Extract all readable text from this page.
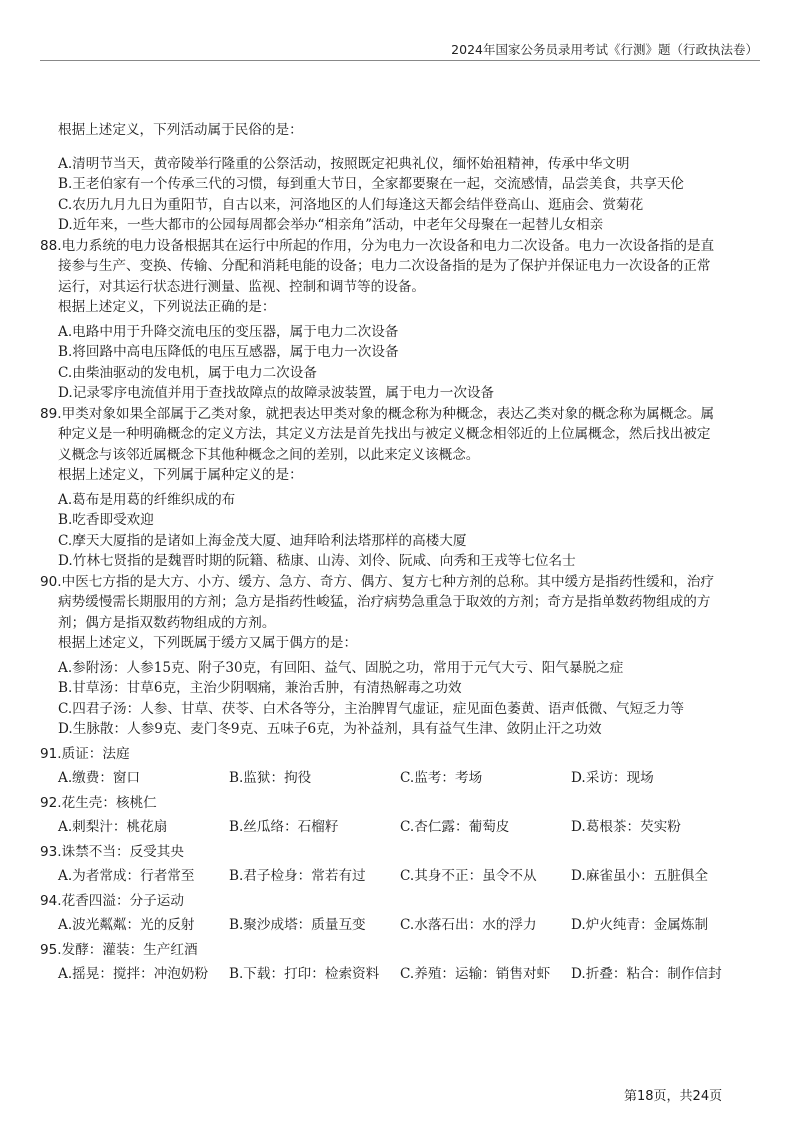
2024年国家公务员录用考试《行测》题（行政执法卷）
根据上述定义，下列活动属于民俗的是：
A.清明节当天，黄帝陵举行隆重的公祭活动，按照既定祀典礼仪，缅怀始祖精神，传承中华文明
B.王老伯家有一个传承三代的习惯，每到重大节日，全家都要聚在一起，交流感情，品尝美食，共享天伦
C.农历九月九日为重阳节，自古以来，河洛地区的人们每逢这天都会结伴登高山、逛庙会、赏菊花
D.近年来，一些大都市的公园每周都会举办“相亲角”活动，中老年父母聚在一起替儿女相亲
88.电力系统的电力设备根据其在运行中所起的作用，分为电力一次设备和电力二次设备。电力一次设备指的是直
接参与生产、变换、传输、分配和消耗电能的设备；电力二次设备指的是为了保护并保证电力一次设备的正常
运行，对其运行状态进行测量、监视、控制和调节等的设备。
根据上述定义，下列说法正确的是：
A.电路中用于升降交流电压的变压器，属于电力二次设备
B.将回路中高电压降低的电压互感器，属于电力一次设备
C.由柴油驱动的发电机，属于电力二次设备
D.记录零序电流值并用于查找故障点的故障录波装置，属于电力一次设备
89.甲类对象如果全部属于乙类对象，就把表达甲类对象的概念称为种概念，表达乙类对象的概念称为属概念。属
种定义是一种明确概念的定义方法，其定义方法是首先找出与被定义概念相邻近的上位属概念，然后找出被定
义概念与该邻近属概念下其他种概念之间的差别，以此来定义该概念。
根据上述定义，下列属于属种定义的是：
A.葛布是用葛的纤维织成的布
B.吃香即受欢迎
C.摩天大厦指的是诸如上海金茂大厦、迪拜哈利法塔那样的高楼大厦
D.竹林七贤指的是魏晋时期的阮籍、嵇康、山涛、刘伶、阮咸、向秀和王戎等七位名士
90.中医七方指的是大方、小方、缓方、急方、奇方、偶方、复方七种方剂的总称。其中缓方是指药性缓和，治疗
病势缓慢需长期服用的方剂；急方是指药性峻猛，治疗病势急重急于取效的方剂；奇方是指单数药物组成的方
剂；偶方是指双数药物组成的方剂。
根据上述定义，下列既属于缓方又属于偶方的是：
A.参附汤：人参15克、附子30克，有回阳、益气、固脱之功，常用于元气大亏、阳气暴脱之症
B.甘草汤：甘草6克，主治少阴咽痛，兼治舌肿，有清热解毒之功效
C.四君子汤：人参、甘草、茯苓、白术各等分，主治脾胃气虚证，症见面色萎黄、语声低微、气短乏力等
D.生脉散：人参9克、麦门冬9克、五味子6克，为补益剂，具有益气生津、敛阴止汗之功效
91.质证：法庭
A.缴费：窗口	B.监狱：拘役	C.监考：考场	D.采访：现场
92.花生壳：核桃仁
A.刺梨汁：桃花扇	B.丝瓜络：石榴籽	C.杏仁露：葡萄皮	D.葛根茶：芡实粉
93.诛禁不当：反受其央
A.为者常成：行者常至	B.君子检身：常若有过	C.其身不正：虽令不从	D.麻雀虽小：五脏俱全
94.花香四溢：分子运动
A.波光粼粼：光的反射	B.聚沙成塔：质量互变	C.水落石出：水的浮力	D.炉火纯青：金属炼制
95.发酵：灌装：生产红酒
A.摇晃：搅拌：冲泡奶粉	B.下载：打印：检索资料	C.养殖：运输：销售对虾	D.折叠：粘合：制作信封
第18页，共24页
